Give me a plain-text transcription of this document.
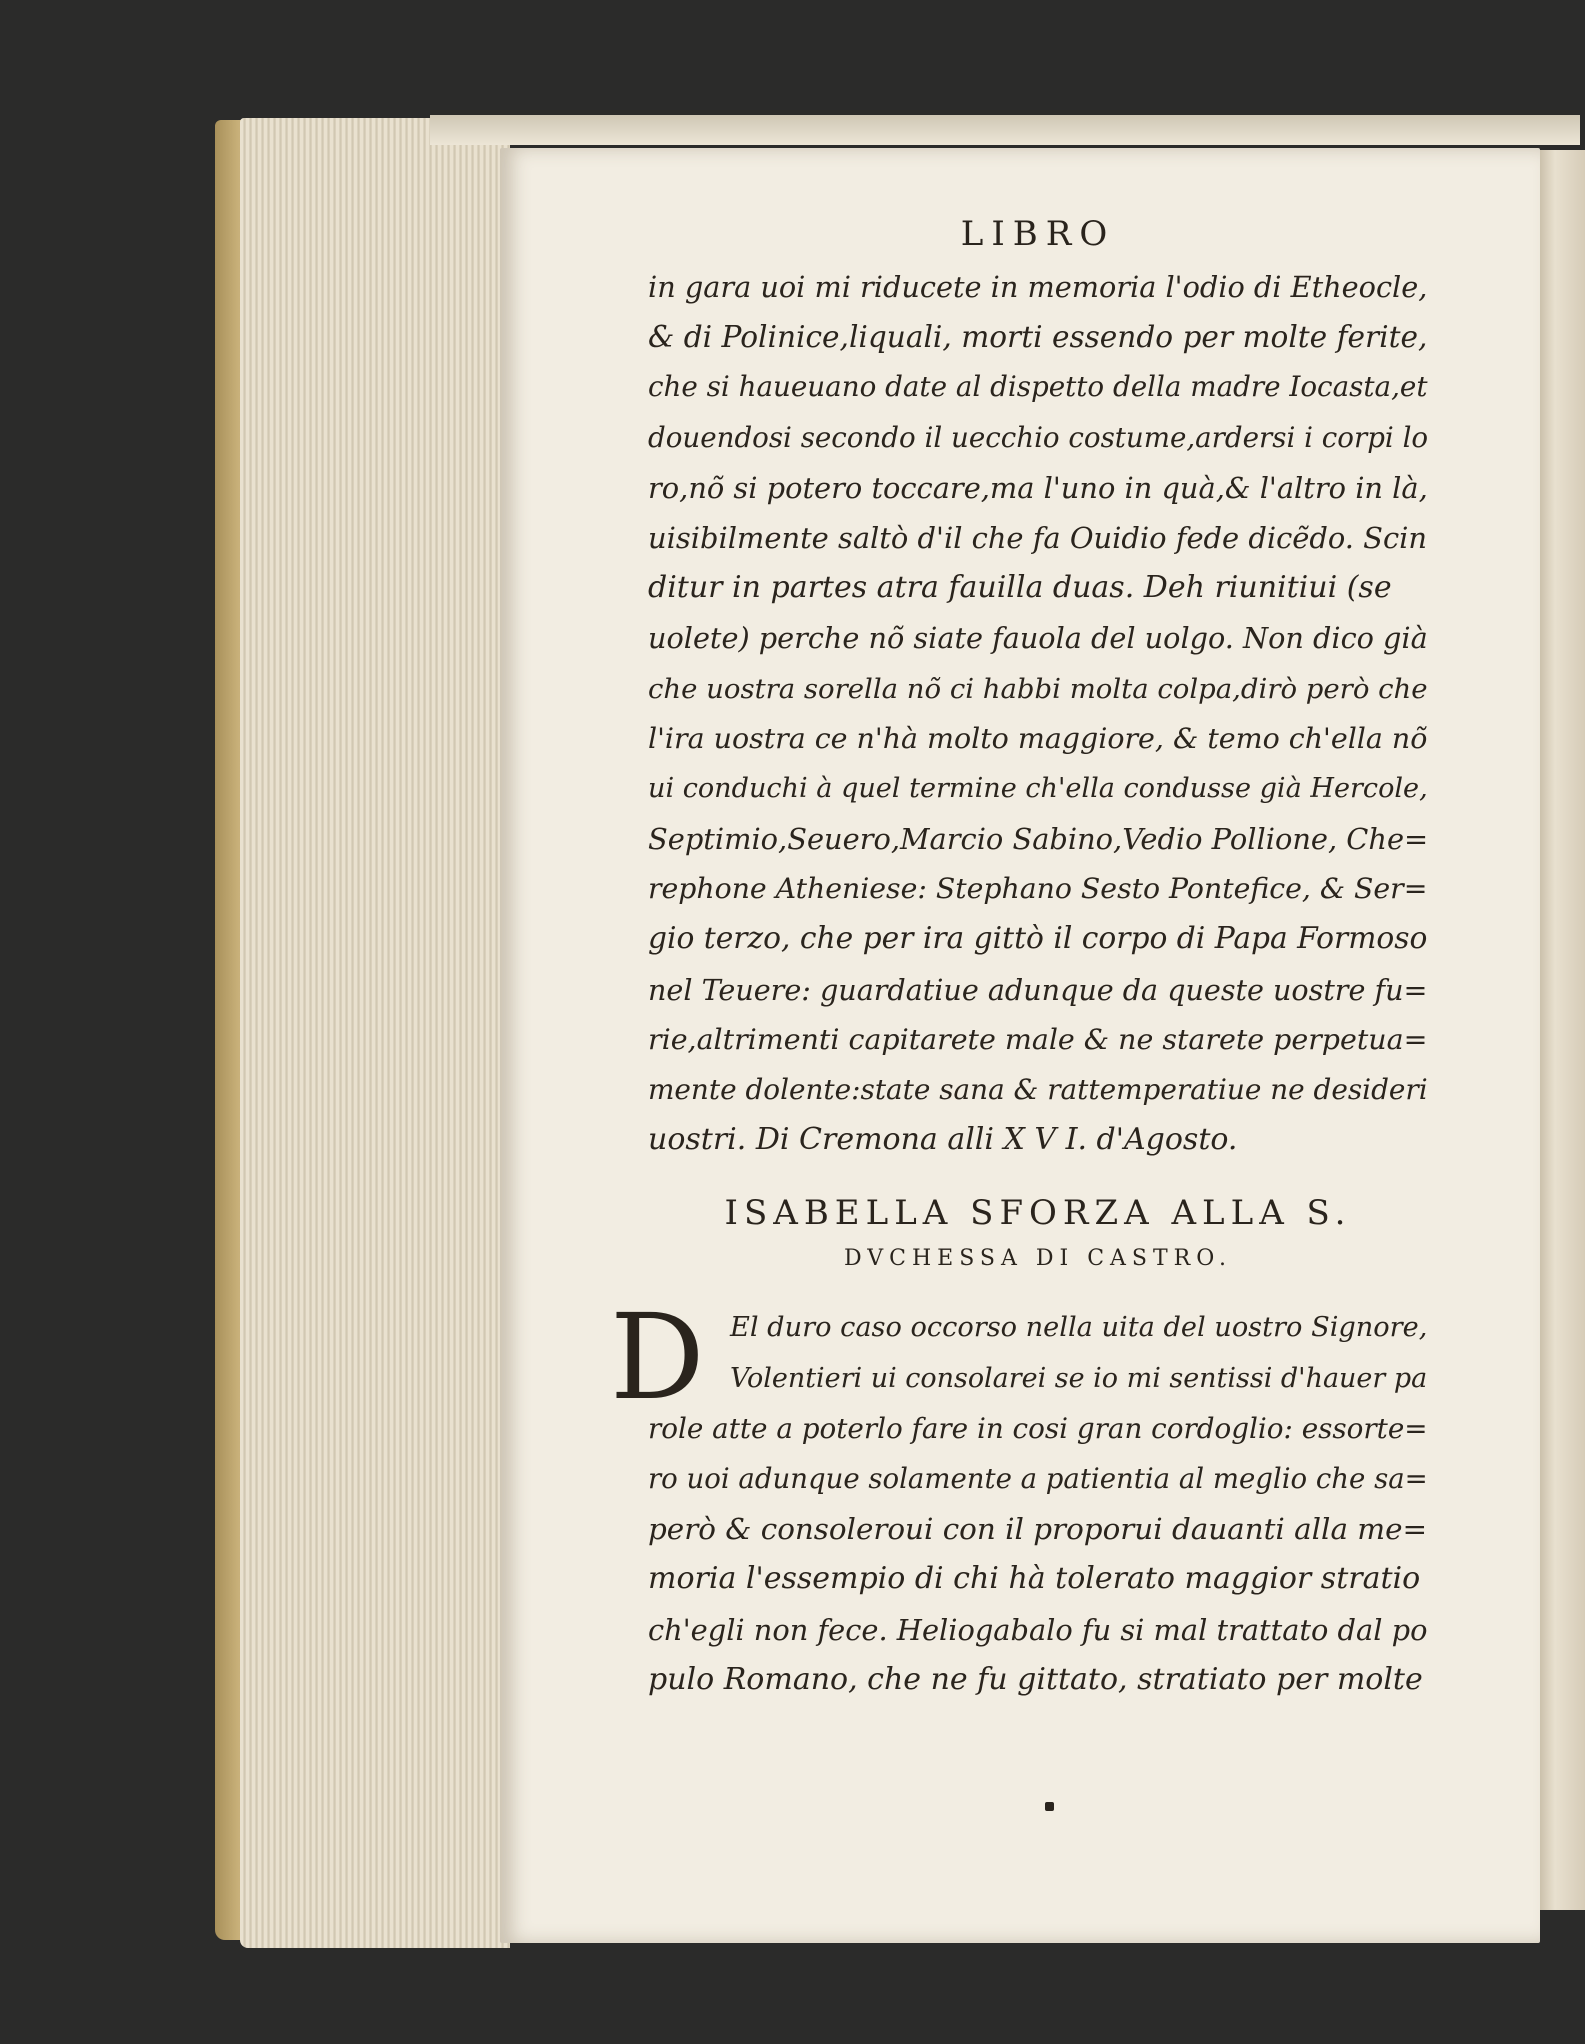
LIBRO
in gara uoi mi riducete in memoria l'odio di Etheocle,
& di Polinice,liquali, morti essendo per molte ferite,
che si haueuano date al dispetto della madre Iocasta,et
douendosi secondo il uecchio costume,ardersi i corpi lo
ro,nõ si potero toccare,ma l'uno in quà,& l'altro in là,
uisibilmente saltò d'il che fa Ouidio fede dicẽdo. Scin
ditur in partes atra fauilla duas. Deh riunitiui (se
uolete) perche nõ siate fauola del uolgo. Non dico già
che uostra sorella nõ ci habbi molta colpa,dirò però che
l'ira uostra ce n'hà molto maggiore, & temo ch'ella nõ
ui conduchi à quel termine ch'ella condusse già Hercole,
Septimio,Seuero,Marcio Sabino,Vedio Pollione, Che=
rephone Atheniese: Stephano Sesto Pontefice, & Ser=
gio terzo, che per ira gittò il corpo di Papa Formoso
nel Teuere: guardatiue adunque da queste uostre fu=
rie,altrimenti capitarete male & ne starete perpetua=
mente dolente:state sana & rattemperatiue ne desideri
uostri. Di Cremona alli X V I. d'Agosto.
ISABELLA SFORZA ALLA S.
DVCHESSA DI CASTRO.
D El duro caso occorso nella uita del uostro Signore,
Volentieri ui consolarei se io mi sentissi d'hauer pa
role atte a poterlo fare in cosi gran cordoglio: essorte=
ro uoi adunque solamente a patientia al meglio che sa=
però & consoleroui con il proporui dauanti alla me=
moria l'essempio di chi hà tolerato maggior stratio
ch'egli non fece. Heliogabalo fu si mal trattato dal po
pulo Romano, che ne fu gittato, stratiato per molte
